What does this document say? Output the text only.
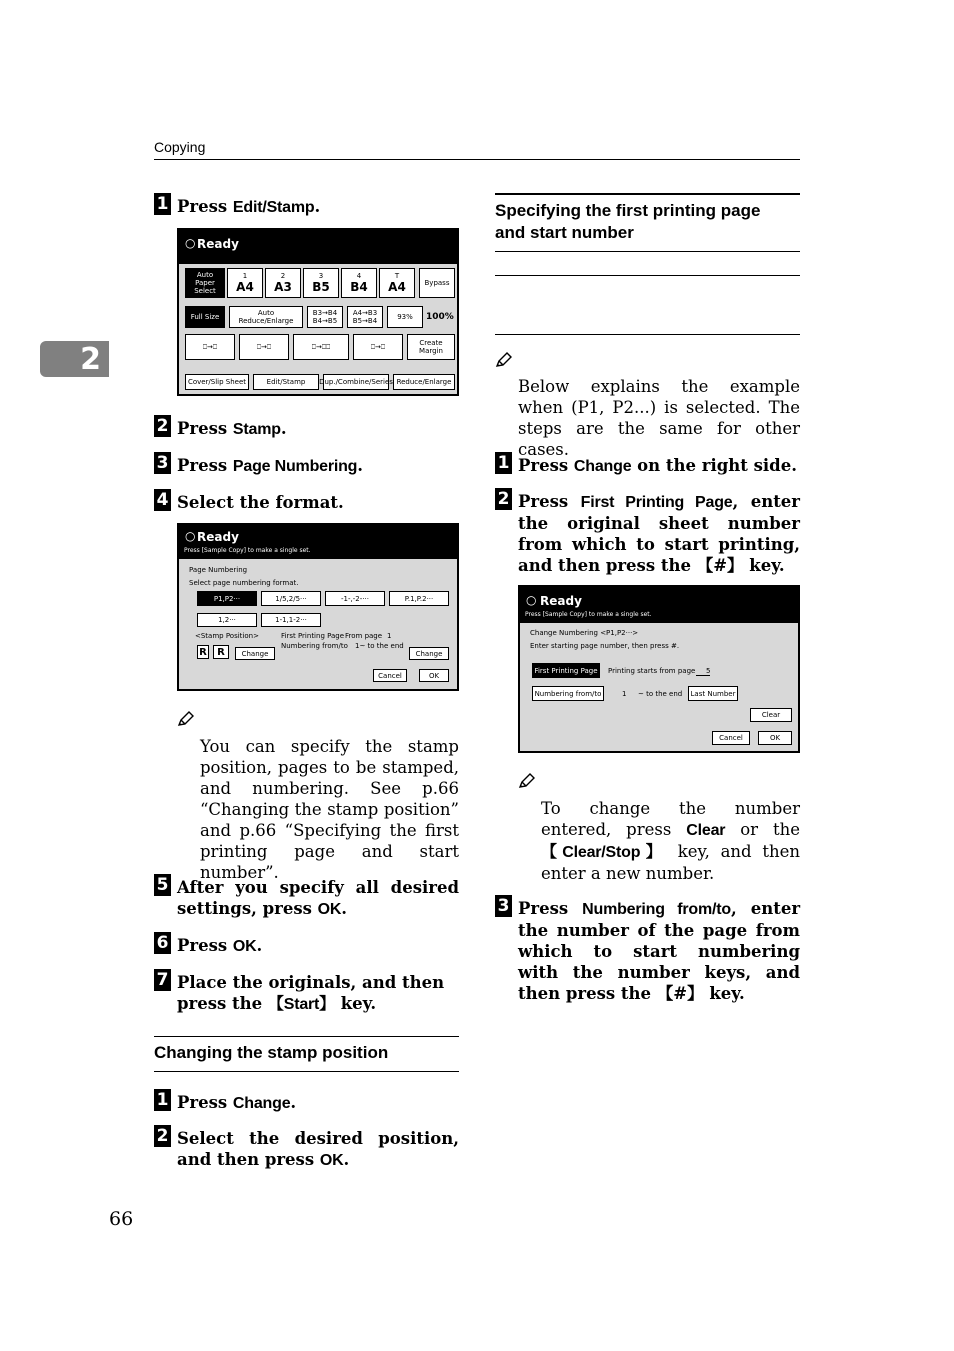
Copying
2
1 Press Edit/Stamp.
○ Ready
Auto Paper Select
1
A4
2
A3
3
B5
4
B4
T
A4	Bypass
Full Size	Auto Reduce/Enlarge
B3→B4 B4→B5
A4→B3 B5→B4	93%	100%
⎕→⎕	⎕→⎕	⎕→⎕⎕	⎕→⎕	Create Margin
Cover/Slip Sheet	Edit/Stamp	Dup./Combine/Series Reduce/Enlarge
2 Press Stamp.
3 Press Page Numbering.
4 Select the format.
○ Ready
Press [Sample Copy] to make a single set.
Page Numbering
Select page numbering format.
P1,P2···	1/5,2/5···	-1-,-2-···	P.1,P.2···
1,2···	1-1,1-2···
<Stamp Position>	First Printing Page From page 1
Numbering from/to 1~ to the end
R	R	Change	Change
Cancel	OK
You can specify the stamp position, pages to be stamped, and numbering. See p.66 “Changing the stamp position” and p.66 “Specifying the first printing page and start number”.
5 After you specify all desired settings, press OK.
6 Press OK.
7 Place the originals, and then press the 【Start】 key.
Changing the stamp position
1 Press Change.
2 Select the desired position, and then press OK.
Specifying the first printing page and start number
Below explains the example when (P1, P2...) is selected. The steps are the same for other cases.
1 Press Change on the right side.
2 Press First Printing Page, enter the original sheet number from which to start printing, and then press the 【#】 key.
○ Ready
Press [Sample Copy] to make a single set.
Change Numbering <P1,P2···>
Enter starting page number, then press #.
First Printing Page	Printing starts from page	5
Numbering from/to	1 ~ to the end	Last Number
Clear
Cancel	OK
To change the number entered, press Clear or the 【Clear/Stop】 key, and then enter a new number.
3 Press Numbering from/to, enter the number of the page from which to start numbering with the number keys, and then press the 【#】 key.
66
